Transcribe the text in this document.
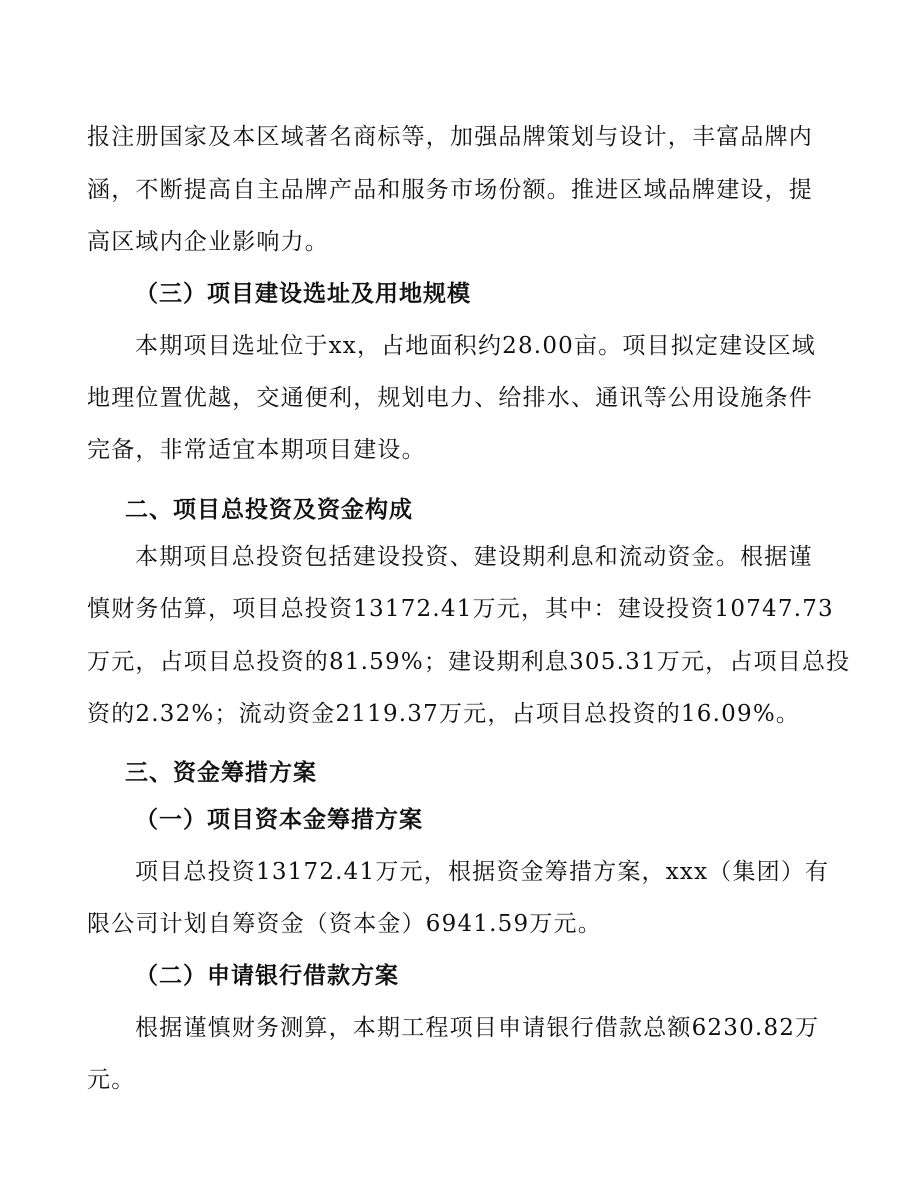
报注册国家及本区域著名商标等，加强品牌策划与设计，丰富品牌内
涵，不断提高自主品牌产品和服务市场份额。推进区域品牌建设，提
高区域内企业影响力。
（三）项目建设选址及用地规模
本期项目选址位于xx，占地面积约28.00亩。项目拟定建设区域
地理位置优越，交通便利，规划电力、给排水、通讯等公用设施条件
完备，非常适宜本期项目建设。
二、项目总投资及资金构成
本期项目总投资包括建设投资、建设期利息和流动资金。根据谨
慎财务估算，项目总投资13172.41万元，其中：建设投资10747.73
万元，占项目总投资的81.59%；建设期利息305.31万元，占项目总投
资的2.32%；流动资金2119.37万元，占项目总投资的16.09%。
三、资金筹措方案
（一）项目资本金筹措方案
项目总投资13172.41万元，根据资金筹措方案，xxx（集团）有
限公司计划自筹资金（资本金）6941.59万元。
（二）申请银行借款方案
根据谨慎财务测算，本期工程项目申请银行借款总额6230.82万
元。
